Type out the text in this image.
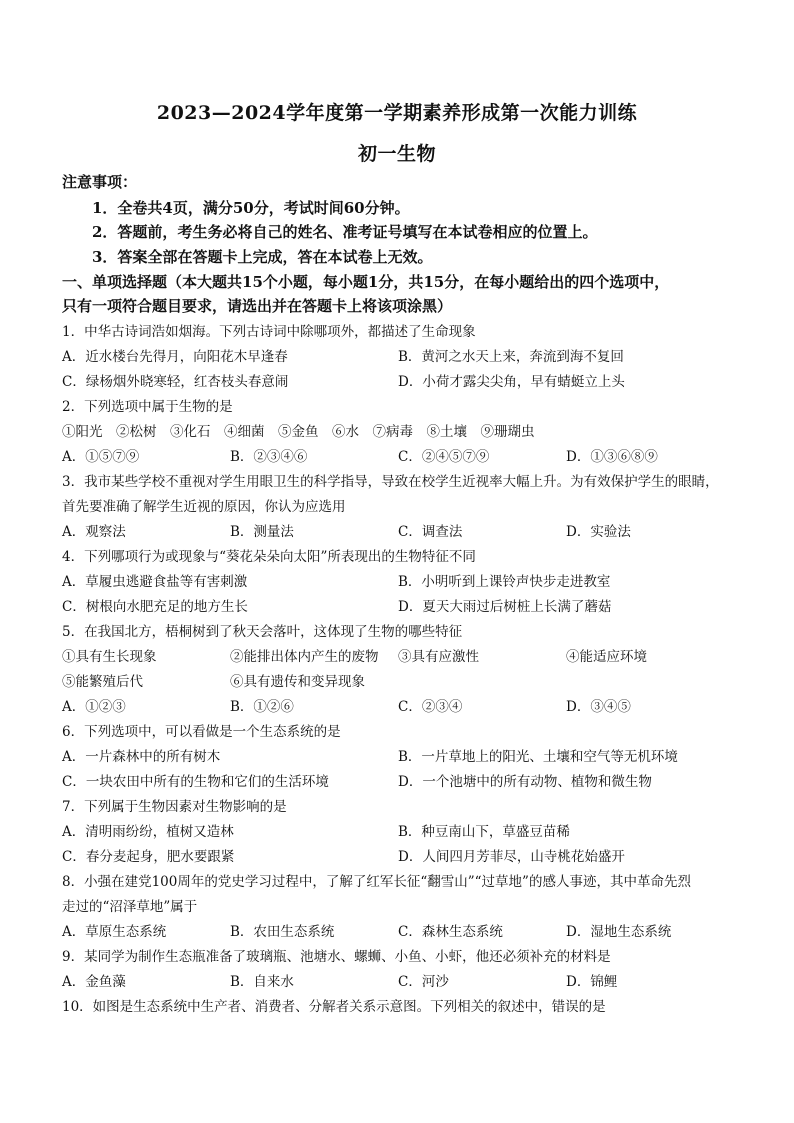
2023—2024学年度第一学期素养形成第一次能力训练
初一生物
注意事项：
1．全卷共4页，满分50分，考试时间60分钟。
2．答题前，考生务必将自己的姓名、准考证号填写在本试卷相应的位置上。
3．答案全部在答题卡上完成，答在本试卷上无效。
一、单项选择题（本大题共15个小题，每小题1分，共15分，在每小题给出的四个选项中，
只有一项符合题目要求，请选出并在答题卡上将该项涂黑）
1．中华古诗词浩如烟海。下列古诗词中除哪项外，都描述了生命现象
A．近水楼台先得月，向阳花木早逢春	B．黄河之水天上来，奔流到海不复回
C．绿杨烟外晓寒轻，红杏枝头春意闹	D．小荷才露尖尖角，早有蜻蜓立上头
2．下列选项中属于生物的是
①阳光　②松树　③化石　④细菌　⑤金鱼　⑥水　⑦病毒　⑧土壤　⑨珊瑚虫
A．①⑤⑦⑨	B．②③④⑥	C．②④⑤⑦⑨	D．①③⑥⑧⑨
3．我市某些学校不重视对学生用眼卫生的科学指导，导致在校学生近视率大幅上升。为有效保护学生的眼睛，
首先要准确了解学生近视的原因，你认为应选用
A．观察法	B．测量法	C．调查法	D．实验法
4．下列哪项行为或现象与“葵花朵朵向太阳”所表现出的生物特征不同
A．草履虫逃避食盐等有害刺激	B．小明听到上课铃声快步走进教室
C．树根向水肥充足的地方生长	D．夏天大雨过后树桩上长满了蘑菇
5．在我国北方，梧桐树到了秋天会落叶，这体现了生物的哪些特征
①具有生长现象	②能排出体内产生的废物 ③具有应激性	④能适应环境
⑤能繁殖后代	⑥具有遗传和变异现象
A．①②③	B．①②⑥	C．②③④	D．③④⑤
6．下列选项中，可以看做是一个生态系统的是
A．一片森林中的所有树木	B．一片草地上的阳光、土壤和空气等无机环境
C．一块农田中所有的生物和它们的生活环境	D．一个池塘中的所有动物、植物和微生物
7．下列属于生物因素对生物影响的是
A．清明雨纷纷，植树又造林	B．种豆南山下，草盛豆苗稀
C．春分麦起身，肥水要跟紧	D．人间四月芳菲尽，山寺桃花始盛开
8．小强在建党100周年的党史学习过程中，了解了红军长征“翻雪山”“过草地”的感人事迹，其中革命先烈
走过的“沼泽草地”属于
A．草原生态系统	B．农田生态系统	C．森林生态系统	D．湿地生态系统
9．某同学为制作生态瓶准备了玻璃瓶、池塘水、螺蛳、小鱼、小虾，他还必须补充的材料是
A．金鱼藻	B．自来水	C．河沙	D．锦鲤
10．如图是生态系统中生产者、消费者、分解者关系示意图。下列相关的叙述中，错误的是
